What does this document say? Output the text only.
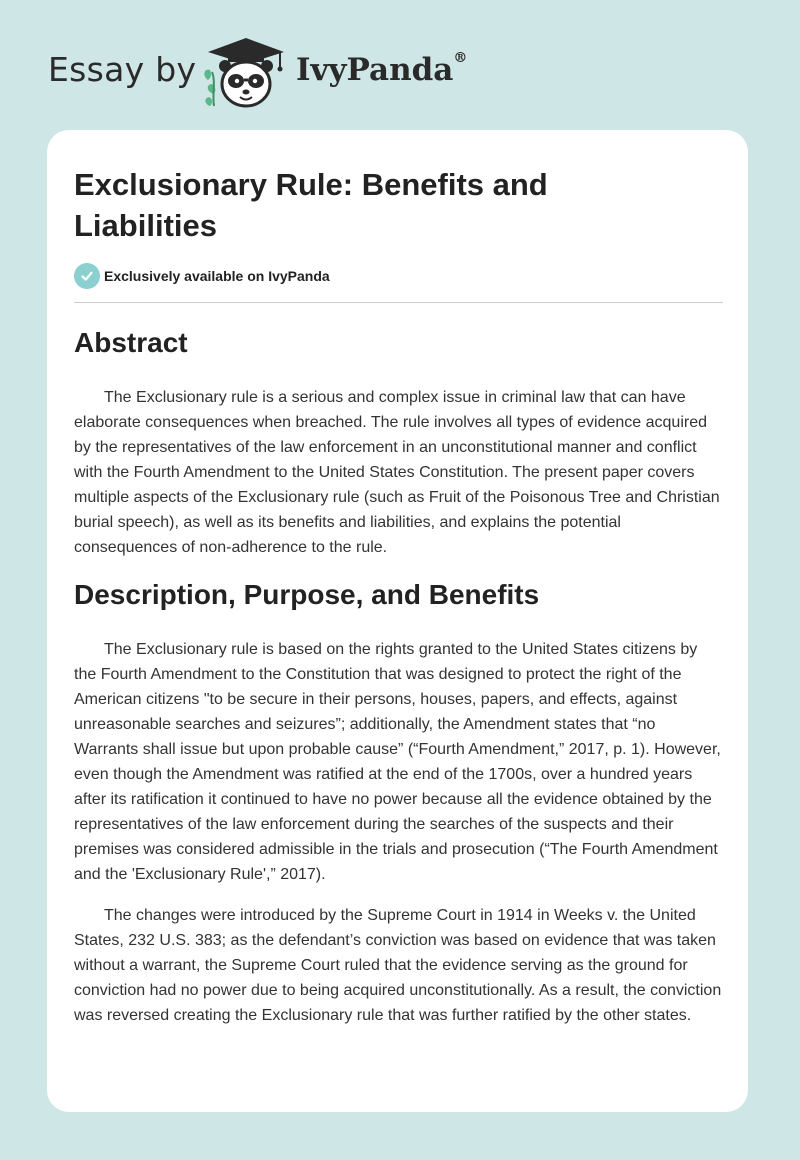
Essay by	IvyPanda®
Exclusionary Rule: Benefits and Liabilities
Exclusively available on IvyPanda
Abstract

The Exclusionary rule is a serious and complex issue in criminal law that can have elaborate consequences when breached. The rule involves all types of evidence acquired by the representatives of the law enforcement in an unconstitutional manner and conflict with the Fourth Amendment to the United States Constitution. The present paper covers multiple aspects of the Exclusionary rule (such as Fruit of the Poisonous Tree and Christian burial speech), as well as its benefits and liabilities, and explains the potential consequences of non-adherence to the rule.

Description, Purpose, and Benefits

The Exclusionary rule is based on the rights granted to the United States citizens by the Fourth Amendment to the Constitution that was designed to protect the right of the American citizens "to be secure in their persons, houses, papers, and effects, against unreasonable searches and seizures”; additionally, the Amendment states that “no Warrants shall issue but upon probable cause” (“Fourth Amendment,” 2017, p. 1). However, even though the Amendment was ratified at the end of the 1700s, over a hundred years after its ratification it continued to have no power because all the evidence obtained by the representatives of the law enforcement during the searches of the suspects and their premises was considered admissible in the trials and prosecution (“The Fourth Amendment and the 'Exclusionary Rule',” 2017).

The changes were introduced by the Supreme Court in 1914 in Weeks v. the United States, 232 U.S. 383; as the defendant’s conviction was based on evidence that was taken without a warrant, the Supreme Court ruled that the evidence serving as the ground for conviction had no power due to being acquired unconstitutionally. As a result, the conviction was reversed creating the Exclusionary rule that was further ratified by the other states.
